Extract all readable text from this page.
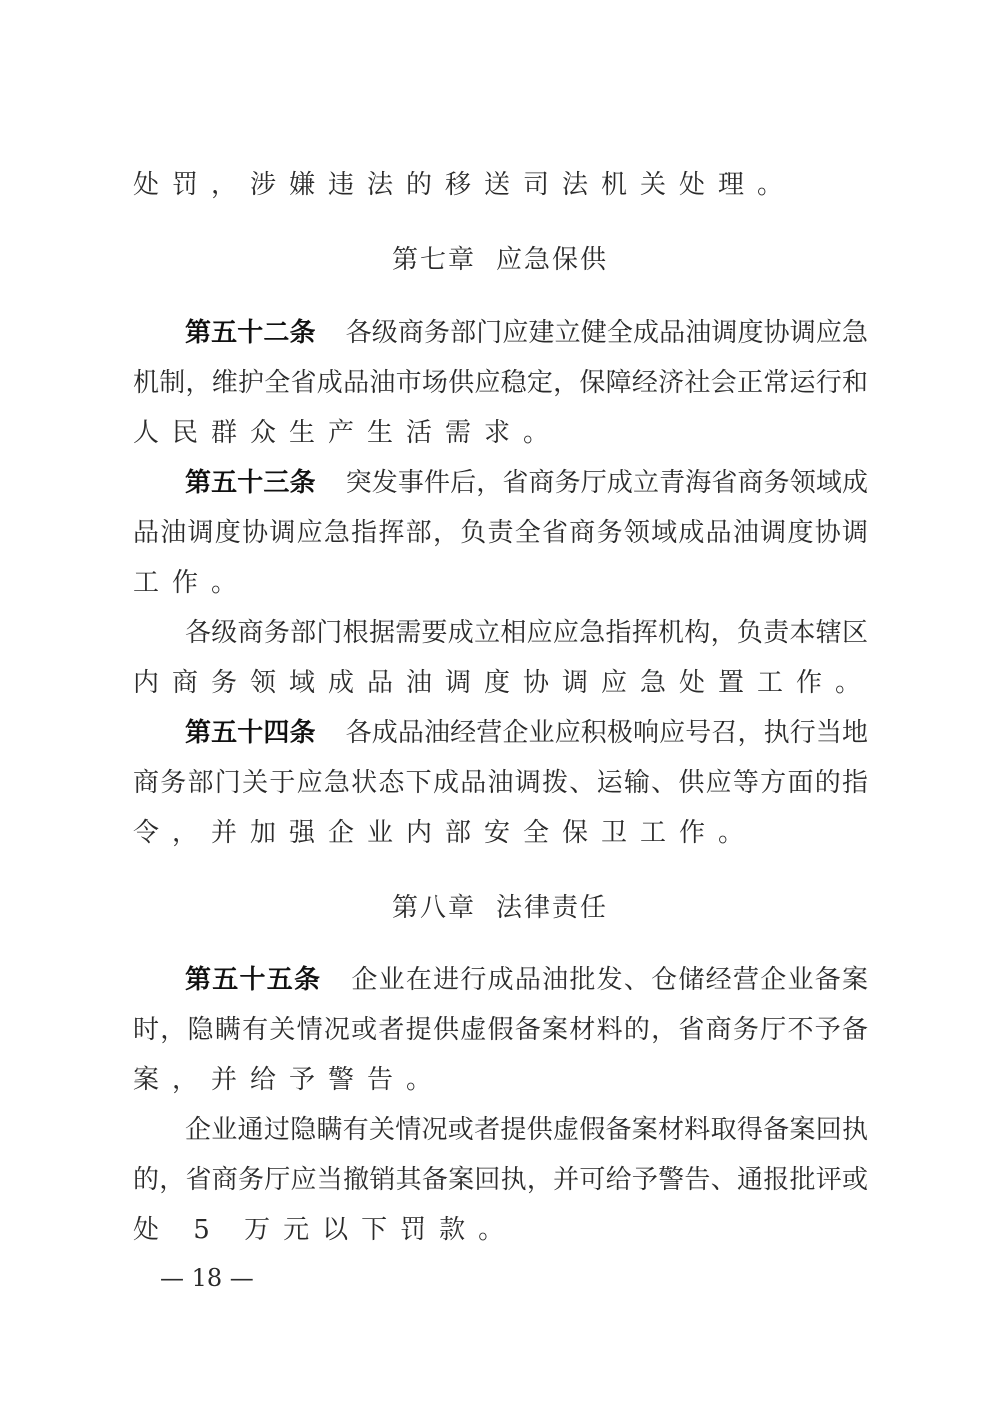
处罚，涉嫌违法的移送司法机关处理。
第七章 应急保供
第五十二条 各级商务部门应建立健全成品油调度协调应急
机制，维护全省成品油市场供应稳定，保障经济社会正常运行和
人民群众生产生活需求。
第五十三条 突发事件后，省商务厅成立青海省商务领域成
品油调度协调应急指挥部，负责全省商务领域成品油调度协调
工作。
各级商务部门根据需要成立相应应急指挥机构，负责本辖区
内商务领域成品油调度协调应急处置工作。
第五十四条 各成品油经营企业应积极响应号召，执行当地
商务部门关于应急状态下成品油调拨、运输、供应等方面的指
令，并加强企业内部安全保卫工作。
第八章 法律责任
第五十五条 企业在进行成品油批发、仓储经营企业备案
时，隐瞒有关情况或者提供虚假备案材料的，省商务厅不予备
案，并给予警告。
企业通过隐瞒有关情况或者提供虚假备案材料取得备案回执
的，省商务厅应当撤销其备案回执，并可给予警告、通报批评或
处 5 万元以下罚款。
— 18 —
